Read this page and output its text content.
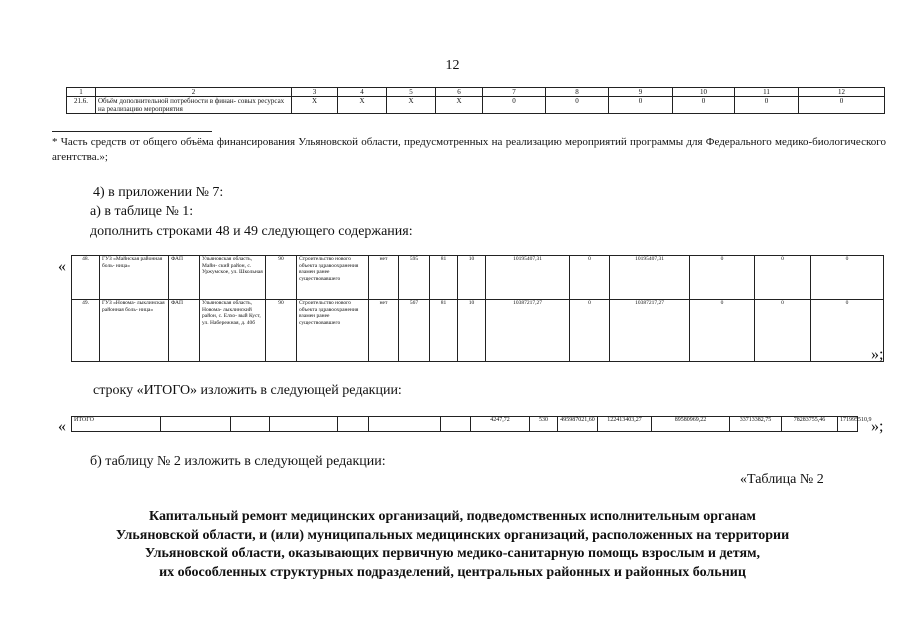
12
1	2	3	4	5	6	7	8	9	10	11	12
21.6.	Объём дополнительной потребности в финан- совых ресурсах на реализацию мероприятия	Х	Х	Х	Х	0	0	0	0	0	0
* Часть средств от общего объёма финансирования Ульяновской области, предусмотренных на реализацию мероприятий программы для Федерального медико-биологического агентства.»;
4) в приложении № 7:
а) в таблице № 1:
дополнить строками 48 и 49 следующего содержания:
«	48.	ГУЗ «Майнская районная боль- ница»	ФАП	Ульяновская область, Майн- ский район, с. Уржумское, ул. Школьная	90	Строительство нового объекта здравоохранения взамен ранее существовавшего	нет	595	81	10	10195407,31	0	10195407,31	0	0	0
49.	ГУЗ «Новома- лыклинская районная боль- ница»	ФАП	Ульяновская область, Новома- лыклинский район, с. Елхо- вый Куст, ул. Набережная, д. 40б	90	Строительство нового объекта здравоохранения взамен ранее существовавшего	нет	567	81	10	10387217,27	0	10387217,27	0	0	0
»;
строку «ИТОГО» изложить в следующей редакции:
« ИТОГО							4247,72	530	495987021,60	122413403,27	89580969,22	33713382,75	78283755,46	171995510,9 »;
б) таблицу № 2 изложить в следующей редакции:
«Таблица № 2
Капитальный ремонт медицинских организаций, подведомственных исполнительным органам
Ульяновской области, и (или) муниципальных медицинских организаций, расположенных на территории
Ульяновской области, оказывающих первичную медико-санитарную помощь взрослым и детям,
их обособленных структурных подразделений, центральных районных и районных больниц
